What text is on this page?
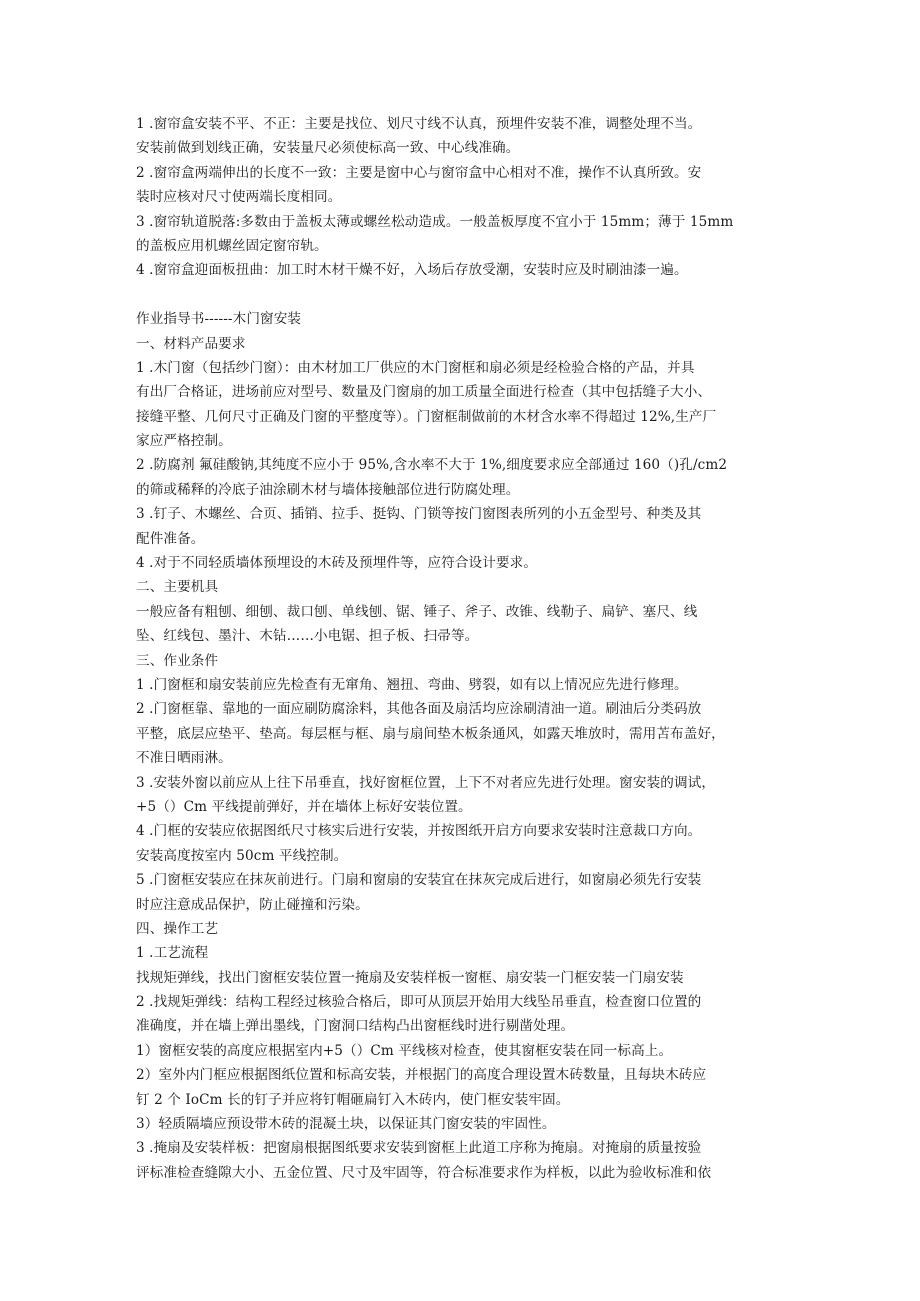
1 .窗帘盒安装不平、不正：主要是找位、划尺寸线不认真，预埋件安装不准，调整处理不当。
安装前做到划线正确，安装量尺必须使标高一致、中心线准确。
2 .窗帘盒两端伸出的长度不一致：主要是窗中心与窗帘盒中心相对不准，操作不认真所致。安
装时应核对尺寸使两端长度相同。
3 .窗帘轨道脱落:多数由于盖板太薄或螺丝松动造成。一般盖板厚度不宜小于 15mm；薄于 15mm
的盖板应用机螺丝固定窗帘轨。
4 .窗帘盒迎面板扭曲：加工时木材干燥不好，入场后存放受潮，安装时应及时刷油漆一遍。
作业指导书------木门窗安装
一、材料产品要求
1 .木门窗（包括纱门窗）：由木材加工厂供应的木门窗框和扇必须是经检验合格的产品，并具
有出厂合格证，进场前应对型号、数量及门窗扇的加工质量全面进行检查（其中包括缝子大小、
接缝平整、几何尺寸正确及门窗的平整度等）。门窗框制做前的木材含水率不得超过 12%,生产厂
家应严格控制。
2 .防腐剂 氟硅酸钠,其纯度不应小于 95%,含水率不大于 1%,细度要求应全部通过 160（)孔/cm2
的筛或稀释的冷底子油涂刷木材与墙体接触部位进行防腐处理。
3 .钉子、木螺丝、合页、插销、拉手、挺钩、门锁等按门窗图表所列的小五金型号、种类及其
配件准备。
4 .对于不同轻质墙体预埋设的木砖及预埋件等，应符合设计要求。
二、主要机具
一般应备有粗刨、细刨、裁口刨、单线刨、锯、锤子、斧子、改锥、线勒子、扁铲、塞尺、线
坠、红线包、墨汁、木钻……小电锯、担子板、扫帚等。
三、作业条件
1 .门窗框和扇安装前应先检查有无窜角、翘扭、弯曲、劈裂，如有以上情况应先进行修理。
2 .门窗框靠、靠地的一面应刷防腐涂料，其他各面及扇活均应涂刷清油一道。刷油后分类码放
平整，底层应垫平、垫高。每层框与框、扇与扇间垫木板条通风，如露天堆放时，需用苫布盖好，
不准日晒雨淋。
3 .安装外窗以前应从上往下吊垂直，找好窗框位置，上下不对者应先进行处理。窗安装的调试，
+5（）Cm 平线提前弹好，并在墙体上标好安装位置。
4 .门框的安装应依据图纸尺寸核实后进行安装，并按图纸开启方向要求安装时注意裁口方向。
安装高度按室内 50cm 平线控制。
5 .门窗框安装应在抹灰前进行。门扇和窗扇的安装宜在抹灰完成后进行，如窗扇必须先行安装
时应注意成品保护，防止碰撞和污染。
四、操作工艺
1 .工艺流程
找规矩弹线，找出门窗框安装位置一掩扇及安装样板一窗框、扇安装一门框安装一门扇安装
2 .找规矩弹线：结构工程经过核验合格后，即可从顶层开始用大线坠吊垂直，检查窗口位置的
准确度，并在墙上弹出墨线，门窗洞口结构凸出窗框线时进行剔凿处理。
1）窗框安装的高度应根据室内+5（）Cm 平线核对检查，使其窗框安装在同一标高上。
2）室外内门框应根据图纸位置和标高安装，并根据门的高度合理设置木砖数量，且每块木砖应
钉 2 个 IoCm 长的钉子并应将钉帽砸扁钉入木砖内，使门框安装牢固。
3）轻质隔墙应预设带木砖的混凝土块，以保证其门窗安装的牢固性。
3 .掩扇及安装样板：把窗扇根据图纸要求安装到窗框上此道工序称为掩扇。对掩扇的质量按验
评标准检查缝隙大小、五金位置、尺寸及牢固等，符合标准要求作为样板，以此为验收标准和依
